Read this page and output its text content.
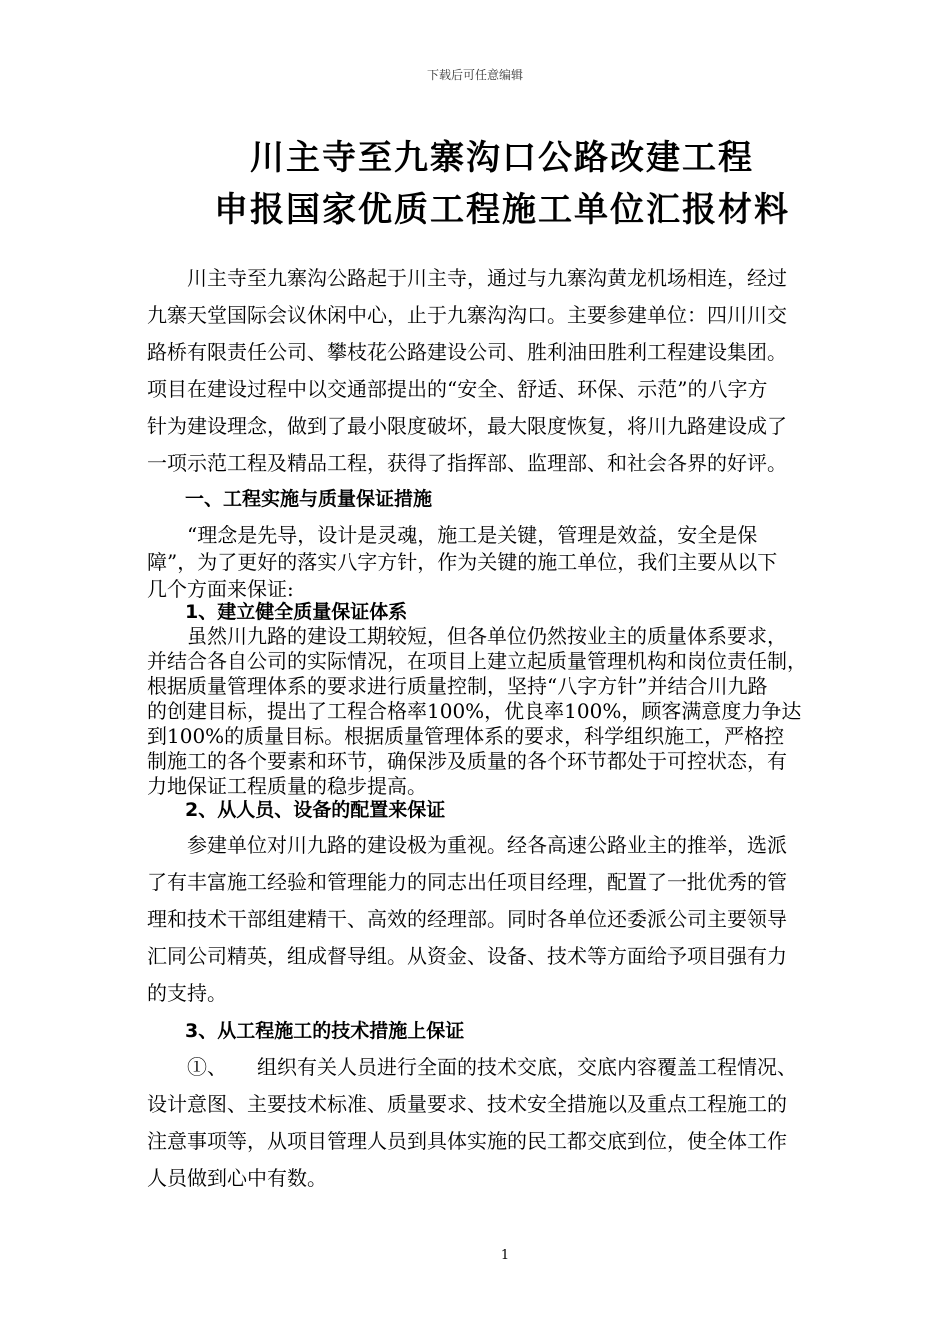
下载后可任意编辑
川主寺至九寨沟口公路改建工程
申报国家优质工程施工单位汇报材料
　　川主寺至九寨沟公路起于川主寺，通过与九寨沟黄龙机场相连，经过
九寨天堂国际会议休闲中心，止于九寨沟沟口。主要参建单位：四川川交
路桥有限责任公司、攀枝花公路建设公司、胜利油田胜利工程建设集团。
项目在建设过程中以交通部提出的“安全、舒适、环保、示范”的八字方
针为建设理念，做到了最小限度破坏，最大限度恢复，将川九路建设成了
一项示范工程及精品工程，获得了指挥部、监理部、和社会各界的好评。
　　一、工程实施与质量保证措施
　　“理念是先导，设计是灵魂，施工是关键，管理是效益，安全是保
障”，为了更好的落实八字方针，作为关键的施工单位，我们主要从以下
几个方面来保证:
　　1、建立健全质量保证体系
　　虽然川九路的建设工期较短，但各单位仍然按业主的质量体系要求，
并结合各自公司的实际情况，在项目上建立起质量管理机构和岗位责任制，
根据质量管理体系的要求进行质量控制，坚持“八字方针”并结合川九路
的创建目标，提出了工程合格率100%，优良率100%，顾客满意度力争达
到100%的质量目标。根据质量管理体系的要求，科学组织施工，严格控
制施工的各个要素和环节，确保涉及质量的各个环节都处于可控状态，有
力地保证工程质量的稳步提高。
　　2、从人员、设备的配置来保证
　　参建单位对川九路的建设极为重视。经各高速公路业主的推举，选派
了有丰富施工经验和管理能力的同志出任项目经理，配置了一批优秀的管
理和技术干部组建精干、高效的经理部。同时各单位还委派公司主要领导
汇同公司精英，组成督导组。从资金、设备、技术等方面给予项目强有力
的支持。
　　3、从工程施工的技术措施上保证
　　①、　　组织有关人员进行全面的技术交底，交底内容覆盖工程情况、
设计意图、主要技术标准、质量要求、技术安全措施以及重点工程施工的
注意事项等，从项目管理人员到具体实施的民工都交底到位，使全体工作
人员做到心中有数。
1
